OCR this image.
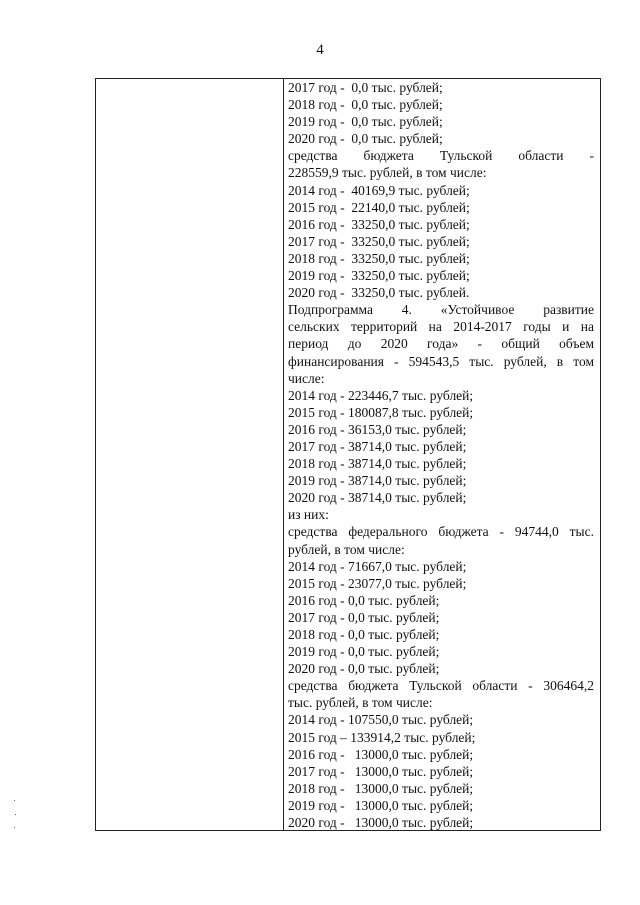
4
2017 год -  0,0 тыс. рублей;
2018 год -  0,0 тыс. рублей;
2019 год -  0,0 тыс. рублей;
2020 год -  0,0 тыс. рублей;
средства бюджета Тульской области -
228559,9 тыс. рублей, в том числе:
2014 год -  40169,9 тыс. рублей;
2015 год -  22140,0 тыс. рублей;
2016 год -  33250,0 тыс. рублей;
2017 год -  33250,0 тыс. рублей;
2018 год -  33250,0 тыс. рублей;
2019 год -  33250,0 тыс. рублей;
2020 год -  33250,0 тыс. рублей.
Подпрограмма 4. «Устойчивое развитие
сельских территорий на 2014-2017 годы и на
период до 2020 года» - общий объем
финансирования - 594543,5 тыс. рублей, в том
числе:
2014 год - 223446,7 тыс. рублей;
2015 год - 180087,8 тыс. рублей;
2016 год - 36153,0 тыс. рублей;
2017 год - 38714,0 тыс. рублей;
2018 год - 38714,0 тыс. рублей;
2019 год - 38714,0 тыс. рублей;
2020 год - 38714,0 тыс. рублей;
из них:
средства федерального бюджета - 94744,0 тыс.
рублей, в том числе:
2014 год - 71667,0 тыс. рублей;
2015 год - 23077,0 тыс. рублей;
2016 год - 0,0 тыс. рублей;
2017 год - 0,0 тыс. рублей;
2018 год - 0,0 тыс. рублей;
2019 год - 0,0 тыс. рублей;
2020 год - 0,0 тыс. рублей;
средства бюджета Тульской области - 306464,2
тыс. рублей, в том числе:
2014 год - 107550,0 тыс. рублей;
2015 год – 133914,2 тыс. рублей;
2016 год -   13000,0 тыс. рублей;
2017 год -   13000,0 тыс. рублей;
2018 год -   13000,0 тыс. рублей;
2019 год -   13000,0 тыс. рублей;
2020 год -   13000,0 тыс. рублей;
